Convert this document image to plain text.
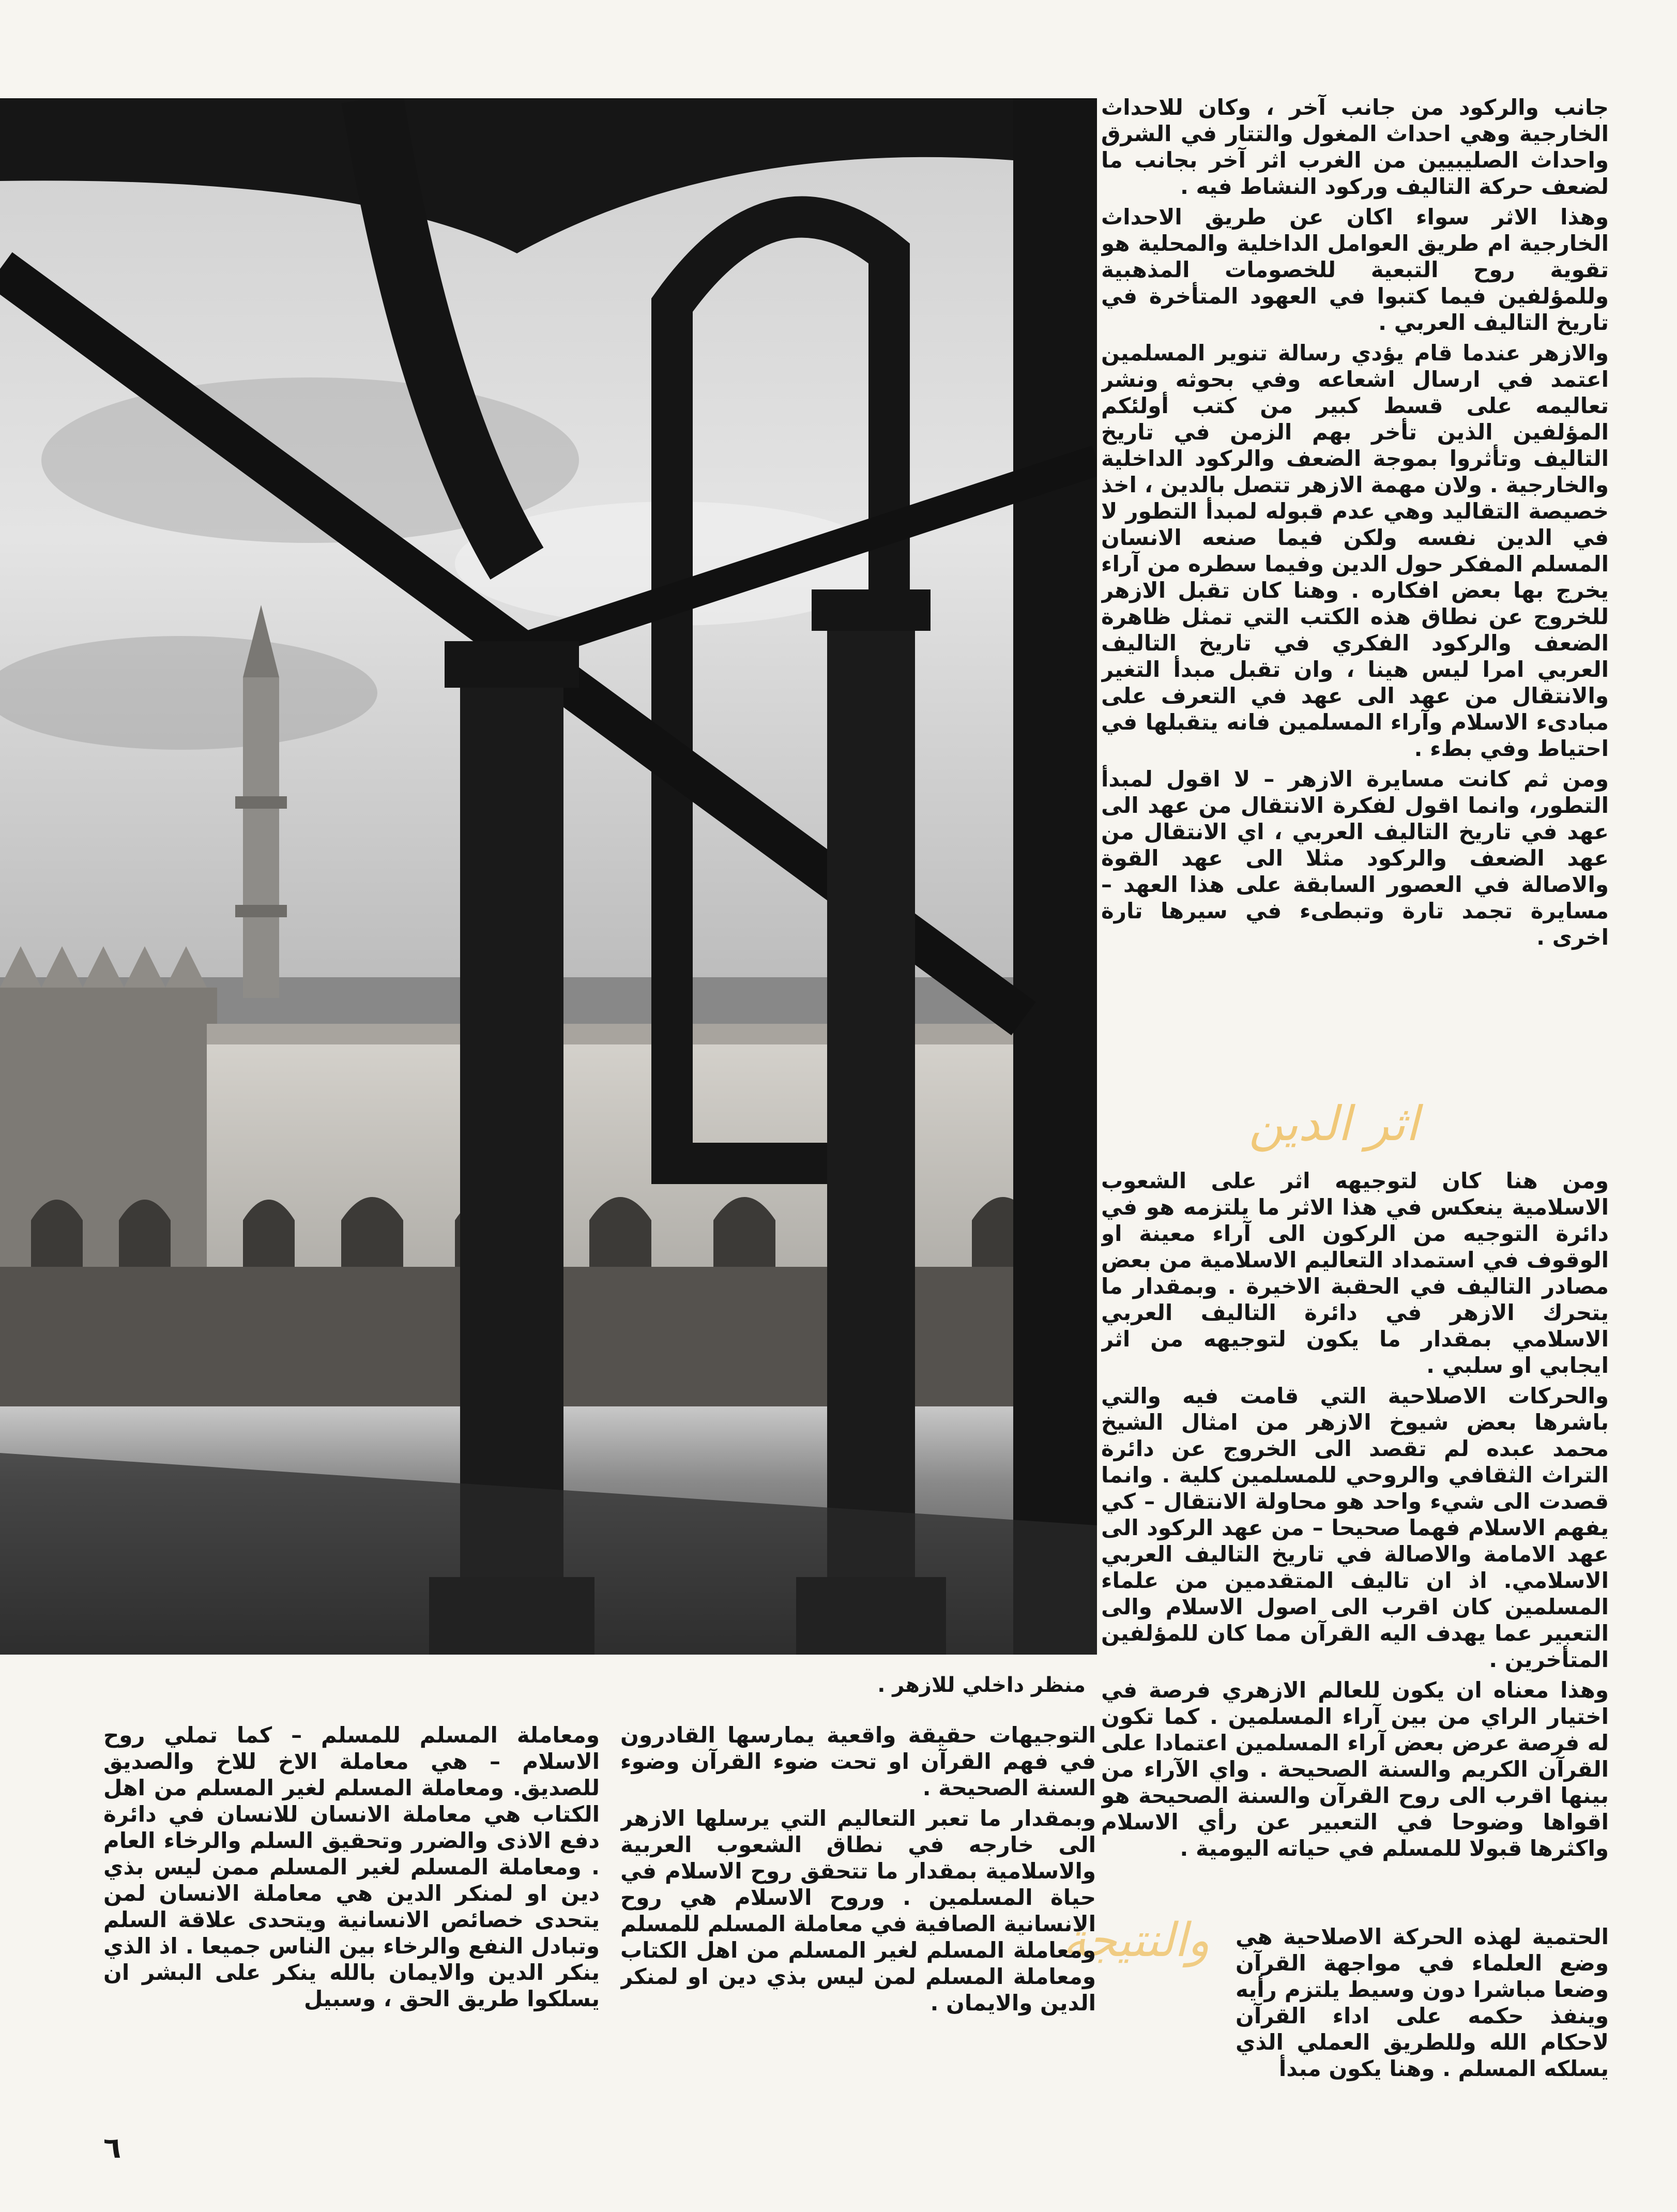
منظر داخلي للازهر .

جانب والركود من جانب آخر ، وكان للاحداث الخارجية وهي احداث المغول والتتار في الشرق واحداث الصليبيين من الغرب اثر آخر بجانب ما لضعف حركة التاليف وركود النشاط فيه .

وهذا الاثر سواء اكان عن طريق الاحداث الخارجية ام طريق العوامل الداخلية والمحلية هو تقوية روح التبعية للخصومات المذهبية وللمؤلفين فيما كتبوا في العهود المتأخرة في تاريخ التاليف العربي .

والازهر عندما قام يؤدي رسالة تنوير المسلمين اعتمد في ارسال اشعاعه وفي بحوثه ونشر تعاليمه على قسط كبير من كتب أولئكم المؤلفين الذين تأخر بهم الزمن في تاريخ التاليف وتأثروا بموجة الضعف والركود الداخلية والخارجية . ولان مهمة الازهر تتصل بالدين ، اخذ خصيصة التقاليد وهي عدم قبوله لمبدأ التطور لا في الدين نفسه ولكن فيما صنعه الانسان المسلم المفكر حول الدين وفيما سطره من آراء يخرج بها بعض افكاره . وهنا كان تقبل الازهر للخروج عن نطاق هذه الكتب التي تمثل ظاهرة الضعف والركود الفكري في تاريخ التاليف العربي امرا ليس هينا ، وان تقبل مبدأ التغير والانتقال من عهد الى عهد في التعرف على مبادىء الاسلام وآراء المسلمين فانه يتقبلها في احتياط وفي بطء .

ومن ثم كانت مسايرة الازهر – لا اقول لمبدأ التطور، وانما اقول لفكرة الانتقال من عهد الى عهد في تاريخ التاليف العربي ، اي الانتقال من عهد الضعف والركود مثلا الى عهد القوة والاصالة في العصور السابقة على هذا العهد – مسايرة تجمد تارة وتبطىء في سيرها تارة اخرى .

اثر الدين

ومن هنا كان لتوجيهه اثر على الشعوب الاسلامية ينعكس في هذا الاثر ما يلتزمه هو في دائرة التوجيه من الركون الى آراء معينة او الوقوف في استمداد التعاليم الاسلامية من بعض مصادر التاليف في الحقبة الاخيرة . وبمقدار ما يتحرك الازهر في دائرة التاليف العربي الاسلامي بمقدار ما يكون لتوجيهه من اثر ايجابي او سلبي .

والحركات الاصلاحية التي قامت فيه والتي باشرها بعض شيوخ الازهر من امثال الشيخ محمد عبده لم تقصد الى الخروج عن دائرة التراث الثقافي والروحي للمسلمين كلية . وانما قصدت الى شيء واحد هو محاولة الانتقال – كي يفهم الاسلام فهما صحيحا – من عهد الركود الى عهد الامامة والاصالة في تاريخ التاليف العربي الاسلامي. اذ ان تاليف المتقدمين من علماء المسلمين كان اقرب الى اصول الاسلام والى التعبير عما يهدف اليه القرآن مما كان للمؤلفين المتأخرين .

وهذا معناه ان يكون للعالم الازهري فرصة في اختيار الراي من بين آراء المسلمين . كما تكون له فرصة عرض بعض آراء المسلمين اعتمادا على القرآن الكريم والسنة الصحيحة . واي الآراء من بينها اقرب الى روح القرآن والسنة الصحيحة هو اقواها وضوحا في التعبير عن رأي الاسلام واكثرها قبولا للمسلم في حياته اليومية .

والنتيجة الحتمية لهذه الحركة الاصلاحية هي وضع العلماء في مواجهة القرآن وضعا مباشرا دون وسيط يلتزم رأيه وينفذ حكمه على اداء القرآن لاحكام الله وللطريق العملي الذي يسلكه المسلم . وهنا يكون مبدأ

التوجيهات حقيقة واقعية يمارسها القادرون في فهم القرآن او تحت ضوء القرآن وضوء السنة الصحيحة .

وبمقدار ما تعبر التعاليم التي يرسلها الازهر الى خارجه في نطاق الشعوب العربية والاسلامية بمقدار ما تتحقق روح الاسلام في حياة المسلمين . وروح الاسلام هي روح الانسانية الصافية في معاملة المسلم للمسلم ومعاملة المسلم لغير المسلم من اهل الكتاب ومعاملة المسلم لمن ليس بذي دين او لمنكر الدين والايمان .

ومعاملة المسلم للمسلم – كما تملي روح الاسلام – هي معاملة الاخ للاخ والصديق للصديق. ومعاملة المسلم لغير المسلم من اهل الكتاب هي معاملة الانسان للانسان في دائرة دفع الاذى والضرر وتحقيق السلم والرخاء العام . ومعاملة المسلم لغير المسلم ممن ليس بذي دين او لمنكر الدين هي معاملة الانسان لمن يتحدى خصائص الانسانية ويتحدى علاقة السلم وتبادل النفع والرخاء بين الناس جميعا . اذ الذي ينكر الدين والايمان بالله ينكر على البشر ان يسلكوا طريق الحق ، وسبيل

٦
